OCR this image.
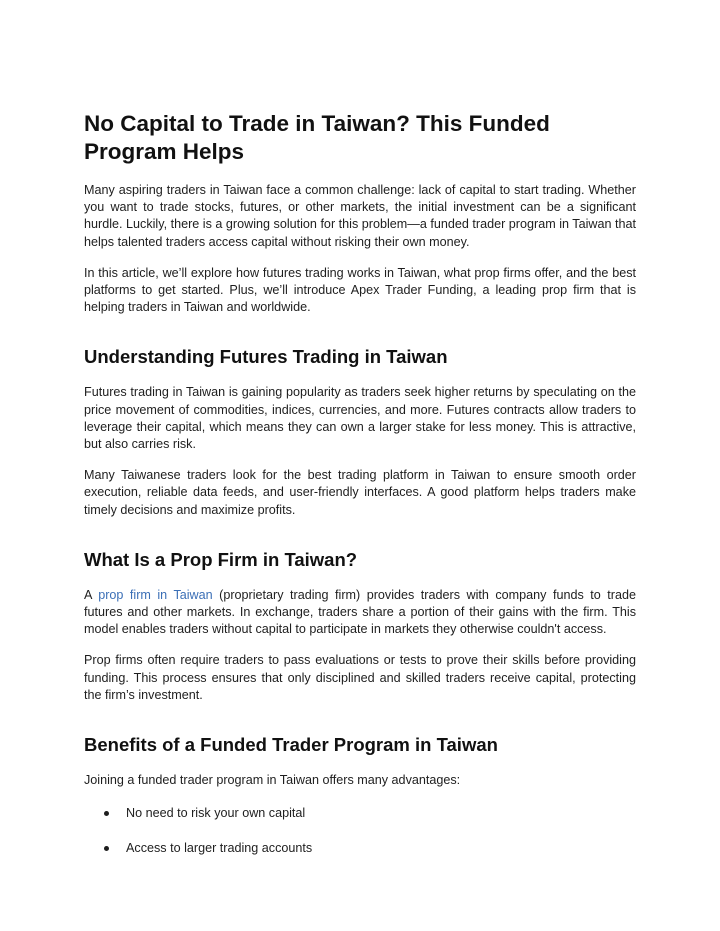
No Capital to Trade in Taiwan? This Funded Program Helps

Many aspiring traders in Taiwan face a common challenge: lack of capital to start trading. Whether you want to trade stocks, futures, or other markets, the initial investment can be a significant hurdle. Luckily, there is a growing solution for this problem—a funded trader program in Taiwan that helps talented traders access capital without risking their own money.

In this article, we’ll explore how futures trading works in Taiwan, what prop firms offer, and the best platforms to get started. Plus, we’ll introduce Apex Trader Funding, a leading prop firm that is helping traders in Taiwan and worldwide.

Understanding Futures Trading in Taiwan

Futures trading in Taiwan is gaining popularity as traders seek higher returns by speculating on the price movement of commodities, indices, currencies, and more. Futures contracts allow traders to leverage their capital, which means they can own a larger stake for less money. This is attractive, but also carries risk.

Many Taiwanese traders look for the best trading platform in Taiwan to ensure smooth order execution, reliable data feeds, and user-friendly interfaces. A good platform helps traders make timely decisions and maximize profits.

What Is a Prop Firm in Taiwan?

A prop firm in Taiwan (proprietary trading firm) provides traders with company funds to trade futures and other markets. In exchange, traders share a portion of their gains with the firm. This model enables traders without capital to participate in markets they otherwise couldn't access.

Prop firms often require traders to pass evaluations or tests to prove their skills before providing funding. This process ensures that only disciplined and skilled traders receive capital, protecting the firm’s investment.

Benefits of a Funded Trader Program in Taiwan

Joining a funded trader program in Taiwan offers many advantages:

No need to risk your own capital
Access to larger trading accounts
